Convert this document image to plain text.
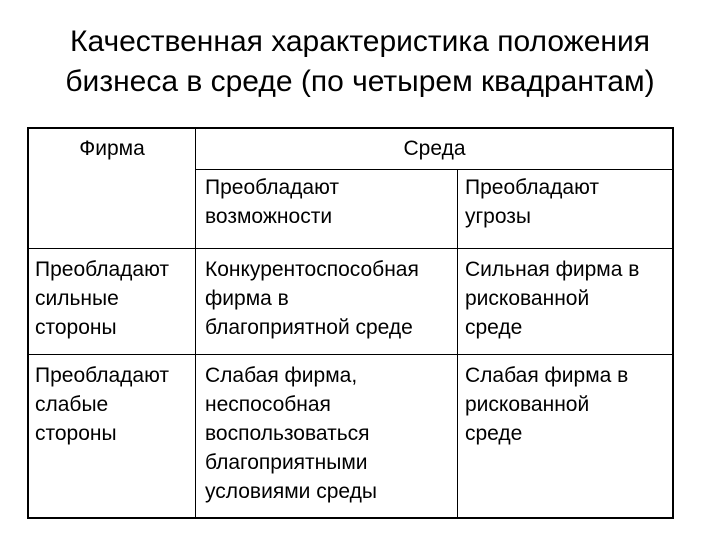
Качественная характеристика положения
бизнеса в среде (по четырем квадрантам)
Фирма	Среда
Преобладают
возможности
Преобладают
угрозы
Преобладают
сильные
стороны
Конкурентоспособная
фирма в
благоприятной среде
Сильная фирма в
рискованной
среде
Преобладают
слабые
стороны
Слабая фирма,
неспособная
воспользоваться
благоприятными
условиями среды
Слабая фирма в
рискованной
среде
